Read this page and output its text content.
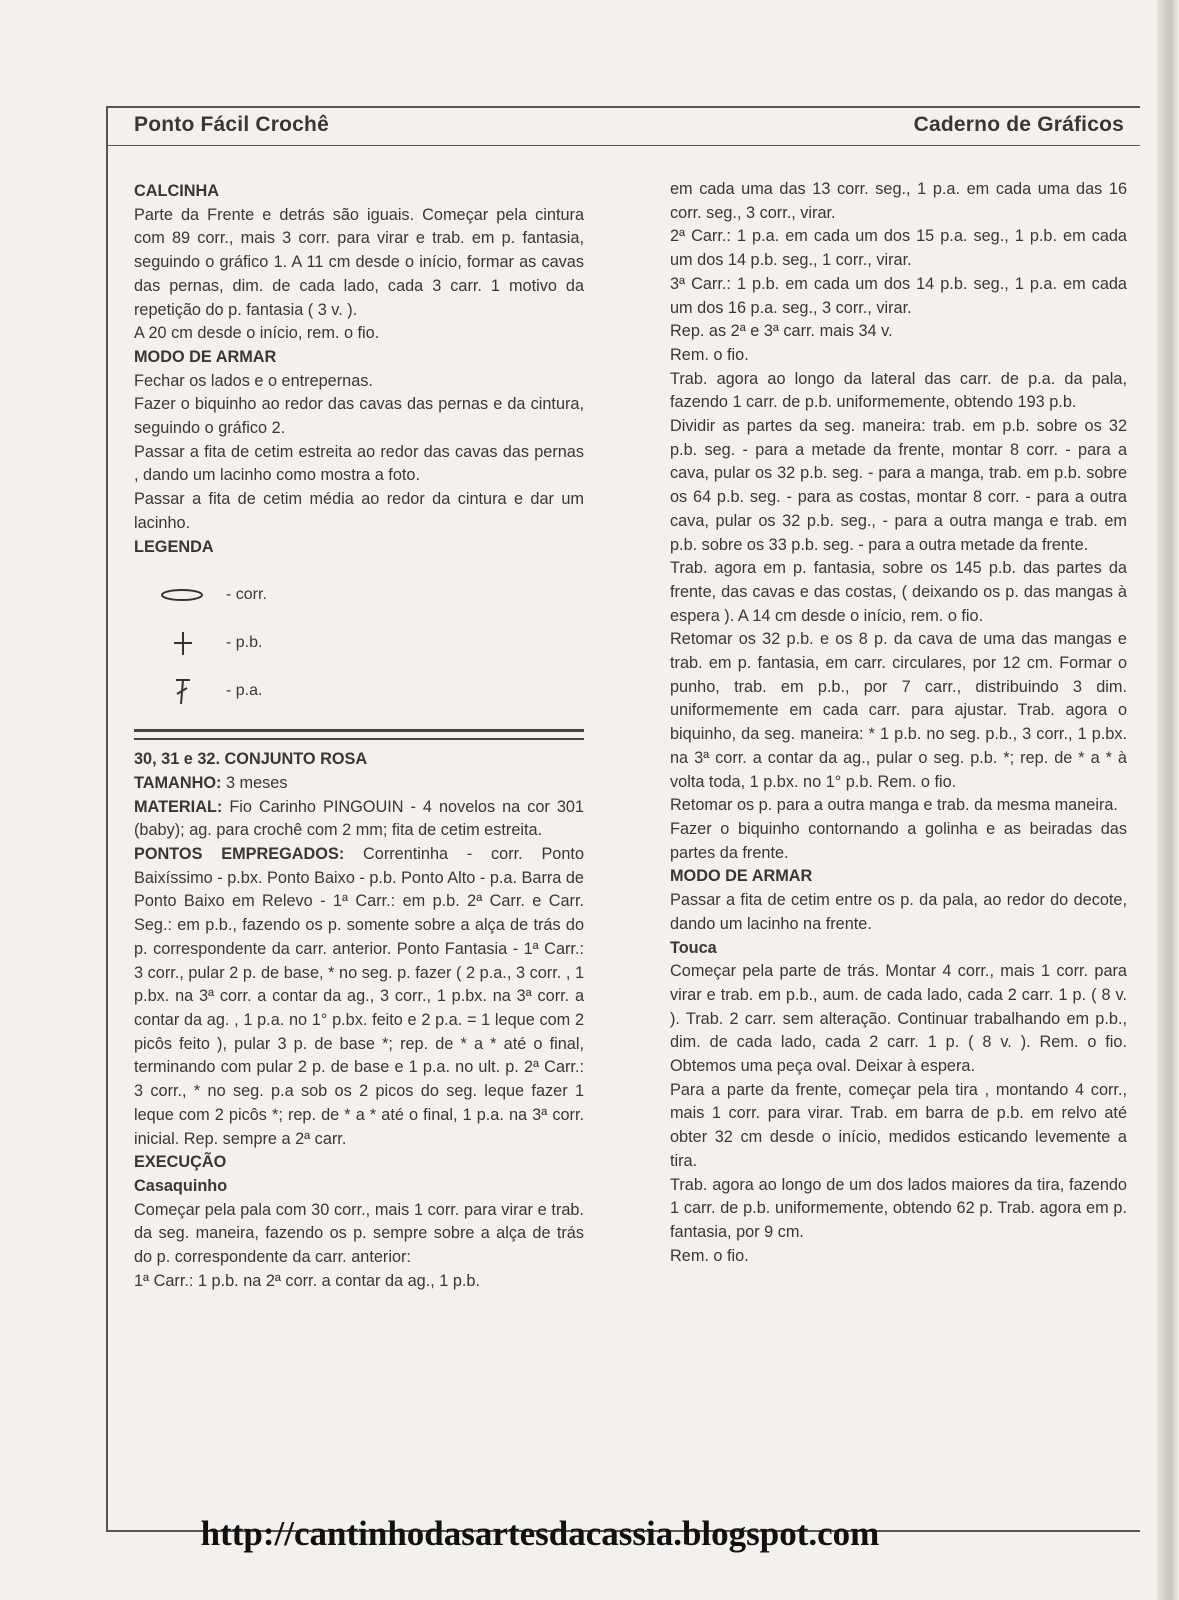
Ponto Fácil Crochê	Caderno de Gráficos

CALCINHA

Parte da Frente e detrás são iguais. Começar pela cintura com 89 corr., mais 3 corr. para virar e trab. em p. fantasia, seguindo o gráfico 1. A 11 cm desde o início, formar as cavas das pernas, dim. de cada lado, cada 3 carr. 1 motivo da repetição do p. fantasia ( 3 v. ).

A 20 cm desde o início, rem. o fio.

MODO DE ARMAR

Fechar os lados e o entrepernas.

Fazer o biquinho ao redor das cavas das pernas e da cintura, seguindo o gráfico 2.

Passar a fita de cetim estreita ao redor das cavas das pernas , dando um lacinho como mostra a foto.

Passar a fita de cetim média ao redor da cintura e dar um lacinho.

LEGENDA

- corr.
- p.b.
- p.a.

30, 31 e 32. CONJUNTO ROSA

TAMANHO: 3 meses

MATERIAL: Fio Carinho PINGOUIN - 4 novelos na cor 301 (baby); ag. para crochê com 2 mm; fita de cetim estreita.

PONTOS EMPREGADOS: Correntinha - corr. Ponto Baixíssimo - p.bx. Ponto Baixo - p.b. Ponto Alto - p.a. Barra de Ponto Baixo em Relevo - 1ª Carr.: em p.b. 2ª Carr. e Carr. Seg.: em p.b., fazendo os p. somente sobre a alça de trás do p. correspondente da carr. anterior. Ponto Fantasia - 1ª Carr.: 3 corr., pular 2 p. de base, * no seg. p. fazer ( 2 p.a., 3 corr. , 1 p.bx. na 3ª corr. a contar da ag., 3 corr., 1 p.bx. na 3ª corr. a contar da ag. , 1 p.a. no 1° p.bx. feito e 2 p.a. = 1 leque com 2 picôs feito ), pular 3 p. de base *; rep. de * a * até o final, terminando com pular 2 p. de base e 1 p.a. no ult. p. 2ª Carr.: 3 corr., * no seg. p.a sob os 2 picos do seg. leque fazer 1 leque com 2 picôs *; rep. de * a * até o final, 1 p.a. na 3ª corr. inicial. Rep. sempre a 2ª carr.

EXECUÇÃO

Casaquinho

Começar pela pala com 30 corr., mais 1 corr. para virar e trab. da seg. maneira, fazendo os p. sempre sobre a alça de trás do p. correspondente da carr. anterior:

1ª Carr.: 1 p.b. na 2ª corr. a contar da ag., 1 p.b.

em cada uma das 13 corr. seg., 1 p.a. em cada uma das 16 corr. seg., 3 corr., virar.

2ª Carr.: 1 p.a. em cada um dos 15 p.a. seg., 1 p.b. em cada um dos 14 p.b. seg., 1 corr., virar.

3ª Carr.: 1 p.b. em cada um dos 14 p.b. seg., 1 p.a. em cada um dos 16 p.a. seg., 3 corr., virar.

Rep. as 2ª e 3ª carr. mais 34 v.

Rem. o fio.

Trab. agora ao longo da lateral das carr. de p.a. da pala, fazendo 1 carr. de p.b. uniformemente, obtendo 193 p.b.

Dividir as partes da seg. maneira: trab. em p.b. sobre os 32 p.b. seg. - para a metade da frente, montar 8 corr. - para a cava, pular os 32 p.b. seg. - para a manga, trab. em p.b. sobre os 64 p.b. seg. - para as costas, montar 8 corr. - para a outra cava, pular os 32 p.b. seg., - para a outra manga e trab. em p.b. sobre os 33 p.b. seg. - para a outra metade da frente.

Trab. agora em p. fantasia, sobre os 145 p.b. das partes da frente, das cavas e das costas, ( deixando os p. das mangas à espera ). A 14 cm desde o início, rem. o fio.

Retomar os 32 p.b. e os 8 p. da cava de uma das mangas e trab. em p. fantasia, em carr. circulares, por 12 cm. Formar o punho, trab. em p.b., por 7 carr., distribuindo 3 dim. uniformemente em cada carr. para ajustar. Trab. agora o biquinho, da seg. maneira: * 1 p.b. no seg. p.b., 3 corr., 1 p.bx. na 3ª corr. a contar da ag., pular o seg. p.b. *; rep. de * a * à volta toda, 1 p.bx. no 1° p.b. Rem. o fio.

Retomar os p. para a outra manga e trab. da mesma maneira.

Fazer o biquinho contornando a golinha e as beiradas das partes da frente.

MODO DE ARMAR

Passar a fita de cetim entre os p. da pala, ao redor do decote, dando um lacinho na frente.

Touca

Começar pela parte de trás. Montar 4 corr., mais 1 corr. para virar e trab. em p.b., aum. de cada lado, cada 2 carr. 1 p. ( 8 v. ). Trab. 2 carr. sem alteração. Continuar trabalhando em p.b., dim. de cada lado, cada 2 carr. 1 p. ( 8 v. ). Rem. o fio. Obtemos uma peça oval. Deixar à espera.

Para a parte da frente, começar pela tira , montando 4 corr., mais 1 corr. para virar. Trab. em barra de p.b. em relvo até obter 32 cm desde o início, medidos esticando levemente a tira.

Trab. agora ao longo de um dos lados maiores da tira, fazendo 1 carr. de p.b. uniformemente, obtendo 62 p. Trab. agora em p. fantasia, por 9 cm.

Rem. o fio.

http://cantinhodasartesdacassia.blogspot.com
